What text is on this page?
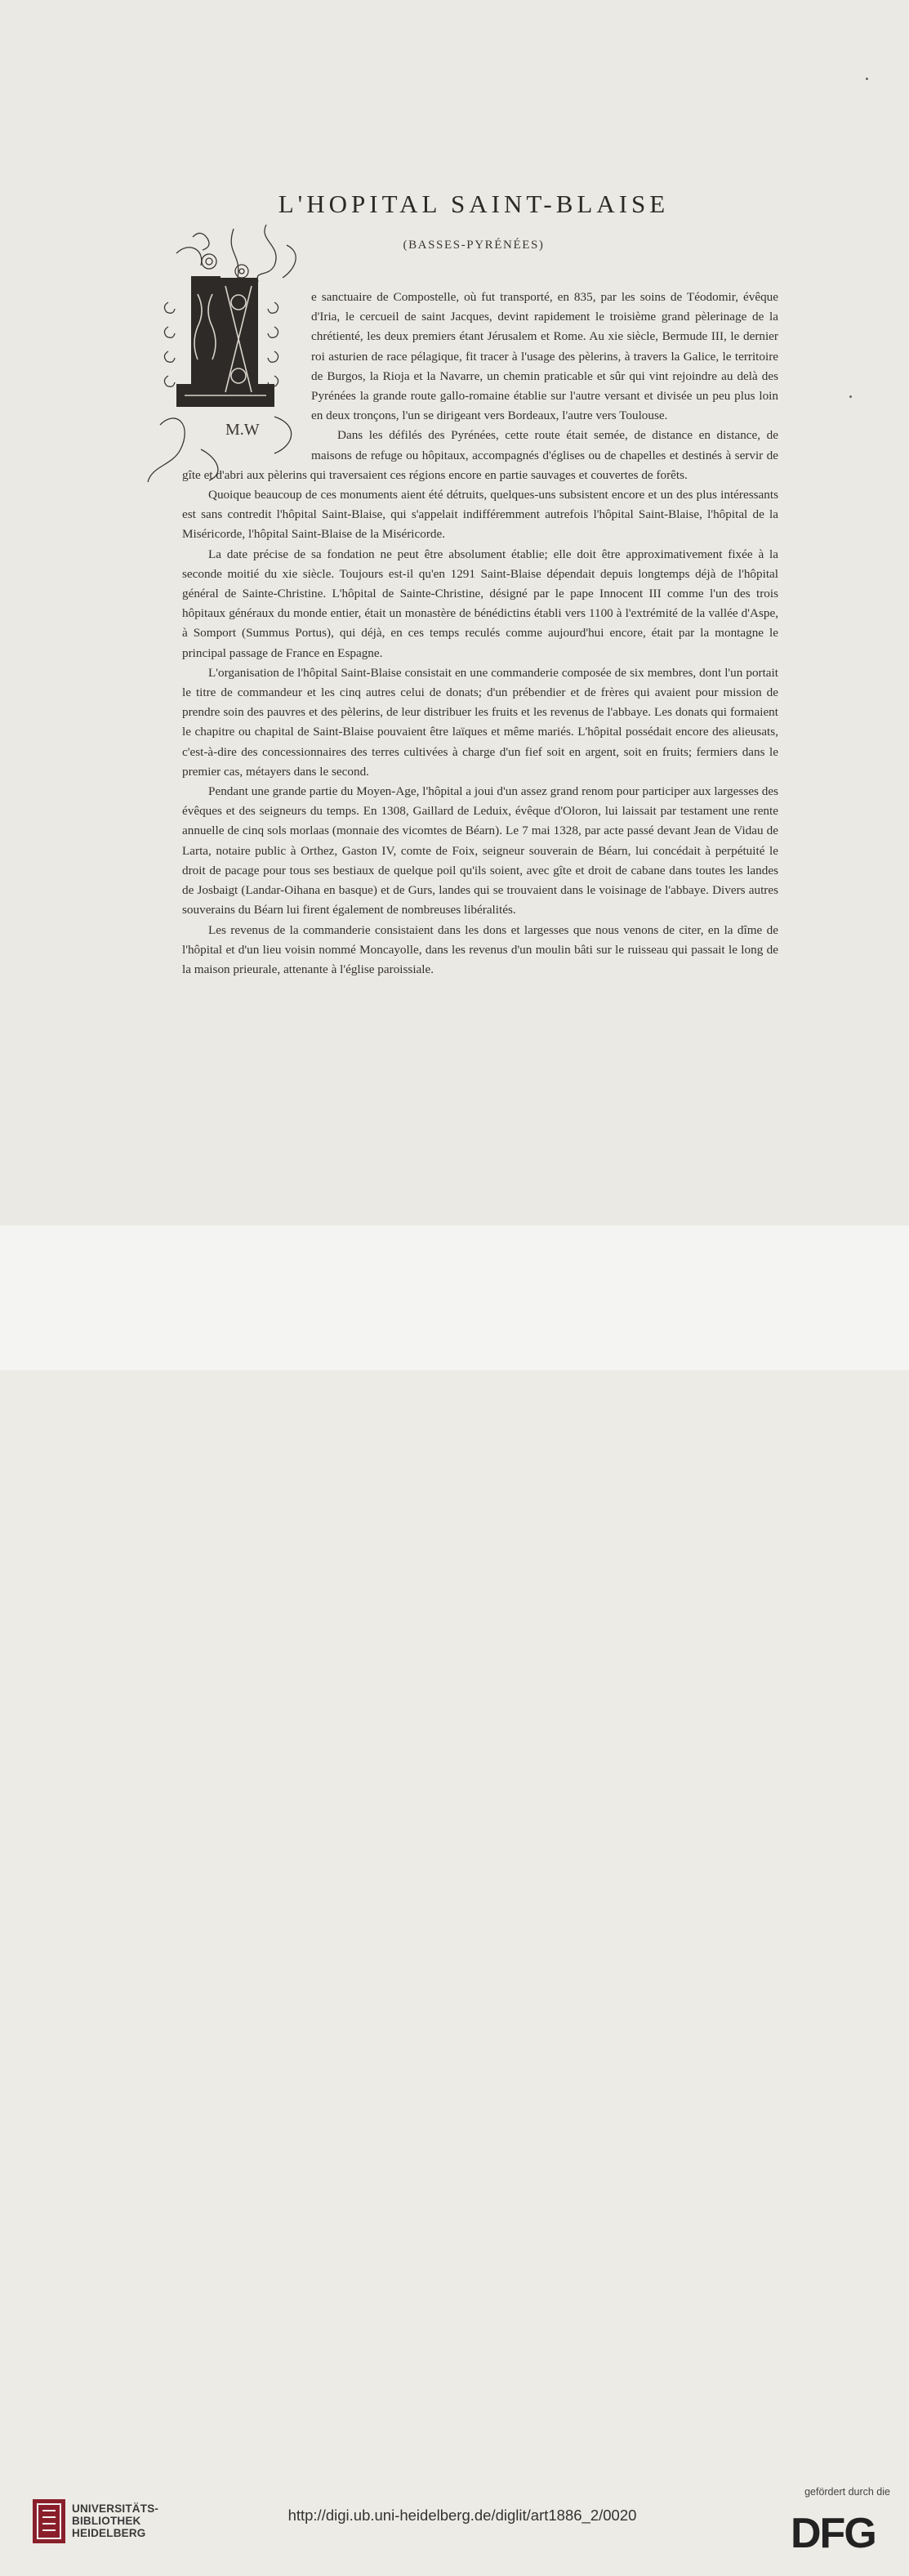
L'HOPITAL SAINT-BLAISE
(BASSES-PYRÉNÉES)
M.W

e sanctuaire de Compostelle, où fut transporté, en 835, par les soins de Téodomir, évêque d'Iria, le cercueil de saint Jacques, devint rapidement le troisième grand pèlerinage de la chrétienté, les deux premiers étant Jérusalem et Rome. Au xie siècle, Bermude III, le dernier roi asturien de race pélagique, fit tracer à l'usage des pèlerins, à travers la Galice, le territoire de Burgos, la Rioja et la Navarre, un chemin praticable et sûr qui vint rejoindre au delà des Pyrénées la grande route gallo-romaine établie sur l'autre versant et divisée un peu plus loin en deux tronçons, l'un se dirigeant vers Bordeaux, l'autre vers Toulouse.

Dans les défilés des Pyrénées, cette route était semée, de distance en distance, de maisons de refuge ou hôpitaux, accompagnés d'églises ou de chapelles et destinés à servir de gîte et d'abri aux pèlerins qui traversaient ces régions encore en partie sauvages et couvertes de forêts.

Quoique beaucoup de ces monuments aient été détruits, quelques-uns subsistent encore et un des plus intéressants est sans contredit l'hôpital Saint-Blaise, qui s'appelait indifféremment autrefois l'hôpital Saint-Blaise, l'hôpital de la Miséricorde, l'hôpital Saint-Blaise de la Miséricorde.

La date précise de sa fondation ne peut être absolument établie; elle doit être approximativement fixée à la seconde moitié du xie siècle. Toujours est-il qu'en 1291 Saint-Blaise dépendait depuis longtemps déjà de l'hôpital général de Sainte-Christine. L'hôpital de Sainte-Christine, désigné par le pape Innocent III comme l'un des trois hôpitaux généraux du monde entier, était un monastère de bénédictins établi vers 1100 à l'extrémité de la vallée d'Aspe, à Somport (Summus Portus), qui déjà, en ces temps reculés comme aujourd'hui encore, était par la montagne le principal passage de France en Espagne.

L'organisation de l'hôpital Saint-Blaise consistait en une commanderie composée de six membres, dont l'un portait le titre de commandeur et les cinq autres celui de donats; d'un prébendier et de frères qui avaient pour mission de prendre soin des pauvres et des pèlerins, de leur distribuer les fruits et les revenus de l'abbaye. Les donats qui formaient le chapitre ou chapital de Saint-Blaise pouvaient être laïques et même mariés. L'hôpital possédait encore des alieusats, c'est-à-dire des concessionnaires des terres cultivées à charge d'un fief soit en argent, soit en fruits; fermiers dans le premier cas, métayers dans le second.

Pendant une grande partie du Moyen-Age, l'hôpital a joui d'un assez grand renom pour participer aux largesses des évêques et des seigneurs du temps. En 1308, Gaillard de Leduix, évêque d'Oloron, lui laissait par testament une rente annuelle de cinq sols morlaas (monnaie des vicomtes de Béarn). Le 7 mai 1328, par acte passé devant Jean de Vidau de Larta, notaire public à Orthez, Gaston IV, comte de Foix, seigneur souverain de Béarn, lui concédait à perpétuité le droit de pacage pour tous ses bestiaux de quelque poil qu'ils soient, avec gîte et droit de cabane dans toutes les landes de Josbaigt (Landar-Oihana en basque) et de Gurs, landes qui se trouvaient dans le voisinage de l'abbaye. Divers autres souverains du Béarn lui firent également de nombreuses libéralités.

Les revenus de la commanderie consistaient dans les dons et largesses que nous venons de citer, en la dîme de l'hôpital et d'un lieu voisin nommé Moncayolle, dans les revenus d'un moulin bâti sur le ruisseau qui passait le long de la maison prieurale, attenante à l'église paroissiale.

UNIVERSITÄTS-
BIBLIOTHEK
HEIDELBERG
http://digi.ub.uni-heidelberg.de/diglit/art1886_2/0020
gefördert durch die
DFG
